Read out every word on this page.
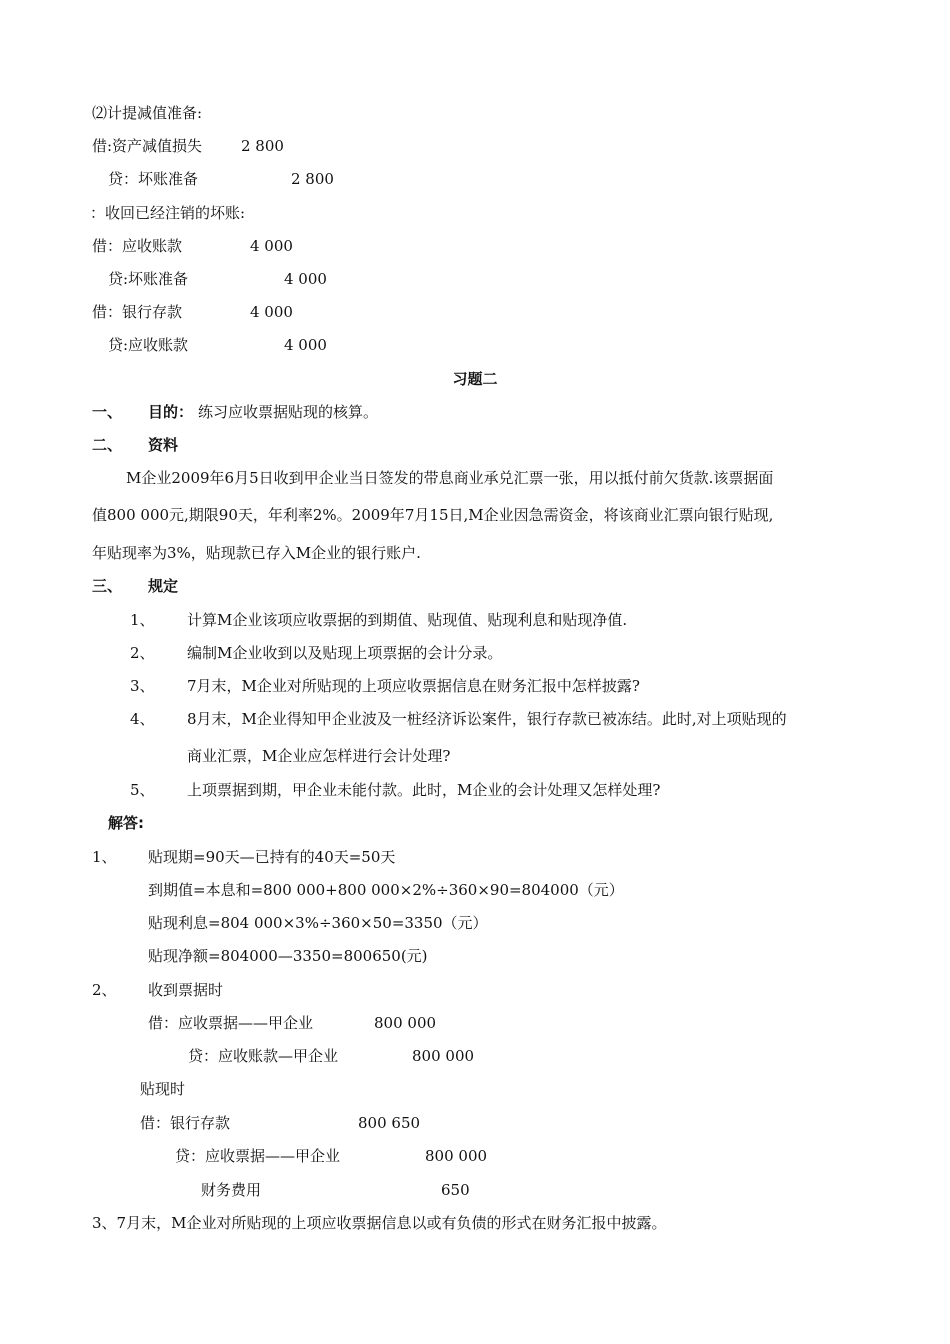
⑵计提减值准备:
借:资产减值损失	2 800
贷：坏账准备	2 800
：收回已经注销的坏账:
借：应收账款	4 000
贷:坏账准备	4 000
借：银行存款	4 000
贷:应收账款	4 000
习题二
一、 目的： 练习应收票据贴现的核算。
二、 资料
M企业2009年6月5日收到甲企业当日签发的带息商业承兑汇票一张，用以抵付前欠货款.该票据面
值800 000元,期限90天，年利率2%。2009年7月15日,M企业因急需资金，将该商业汇票向银行贴现,
年贴现率为3%，贴现款已存入M企业的银行账户.
三、 规定
1、 计算M企业该项应收票据的到期值、贴现值、贴现利息和贴现净值.
2、 编制M企业收到以及贴现上项票据的会计分录。
3、 7月末，M企业对所贴现的上项应收票据信息在财务汇报中怎样披露?
4、 8月末，M企业得知甲企业波及一桩经济诉讼案件，银行存款已被冻结。此时,对上项贴现的
商业汇票，M企业应怎样进行会计处理?
5、 上项票据到期，甲企业未能付款。此时，M企业的会计处理又怎样处理?
解答:
1、 贴现期=90天—已持有的40天=50天
到期值=本息和=800 000+800 000×2%÷360×90=804000（元）
贴现利息=804 000×3%÷360×50=3350（元）
贴现净额=804000—3350=800650(元)
2、 收到票据时
借：应收票据——甲企业	800 000
贷：应收账款—甲企业	800 000
贴现时
借：银行存款	800 650
贷：应收票据——甲企业	800 000
财务费用	650
3、7月末，M企业对所贴现的上项应收票据信息以或有负债的形式在财务汇报中披露。
